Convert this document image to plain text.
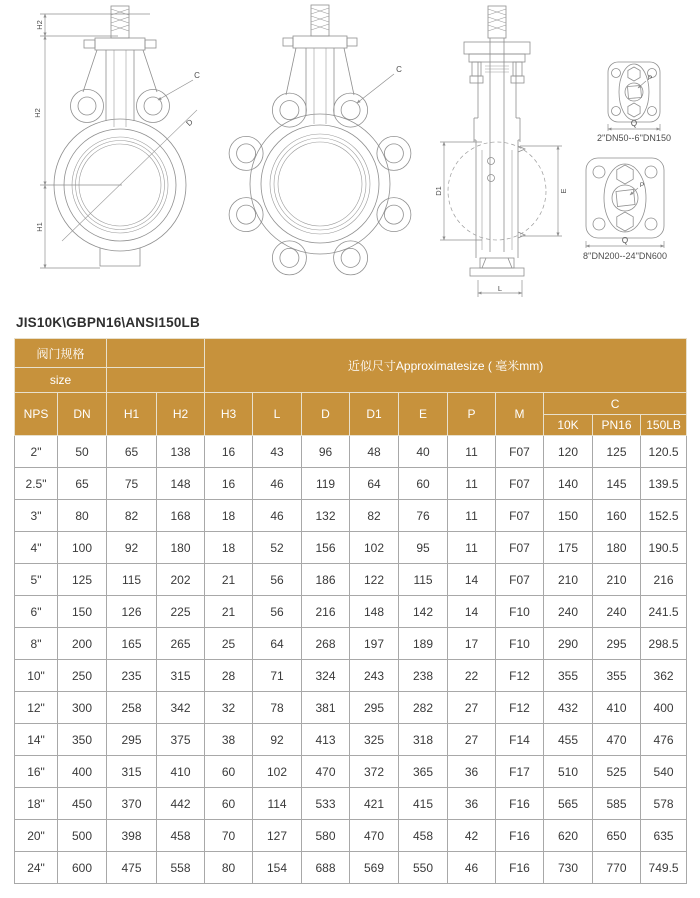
H2
H2
H1
C
D
C
D1	E
L
P
Q
2''DN50--6''DN150
P
Q
8''DN200--24''DN600
JIS10K\GBPN16\ANSI150LB
阀门规格				近似尺寸Approximatesize ( 毫米mm)									
size													
NPS	DN	H1	H2	H3	L	D	D1	E	P	M	C		
											10K	PN16	150LB
2"	50	65	138	16	43	96	48	40	11	F07	120	125	120.5
2.5"	65	75	148	16	46	119	64	60	11	F07	140	145	139.5
3"	80	82	168	18	46	132	82	76	11	F07	150	160	152.5
4"	100	92	180	18	52	156	102	95	11	F07	175	180	190.5
5"	125	115	202	21	56	186	122	115	14	F07	210	210	216
6"	150	126	225	21	56	216	148	142	14	F10	240	240	241.5
8"	200	165	265	25	64	268	197	189	17	F10	290	295	298.5
10"	250	235	315	28	71	324	243	238	22	F12	355	355	362
12"	300	258	342	32	78	381	295	282	27	F12	432	410	400
14"	350	295	375	38	92	413	325	318	27	F14	455	470	476
16"	400	315	410	60	102	470	372	365	36	F17	510	525	540
18"	450	370	442	60	114	533	421	415	36	F16	565	585	578
20"	500	398	458	70	127	580	470	458	42	F16	620	650	635
24"	600	475	558	80	154	688	569	550	46	F16	730	770	749.5
